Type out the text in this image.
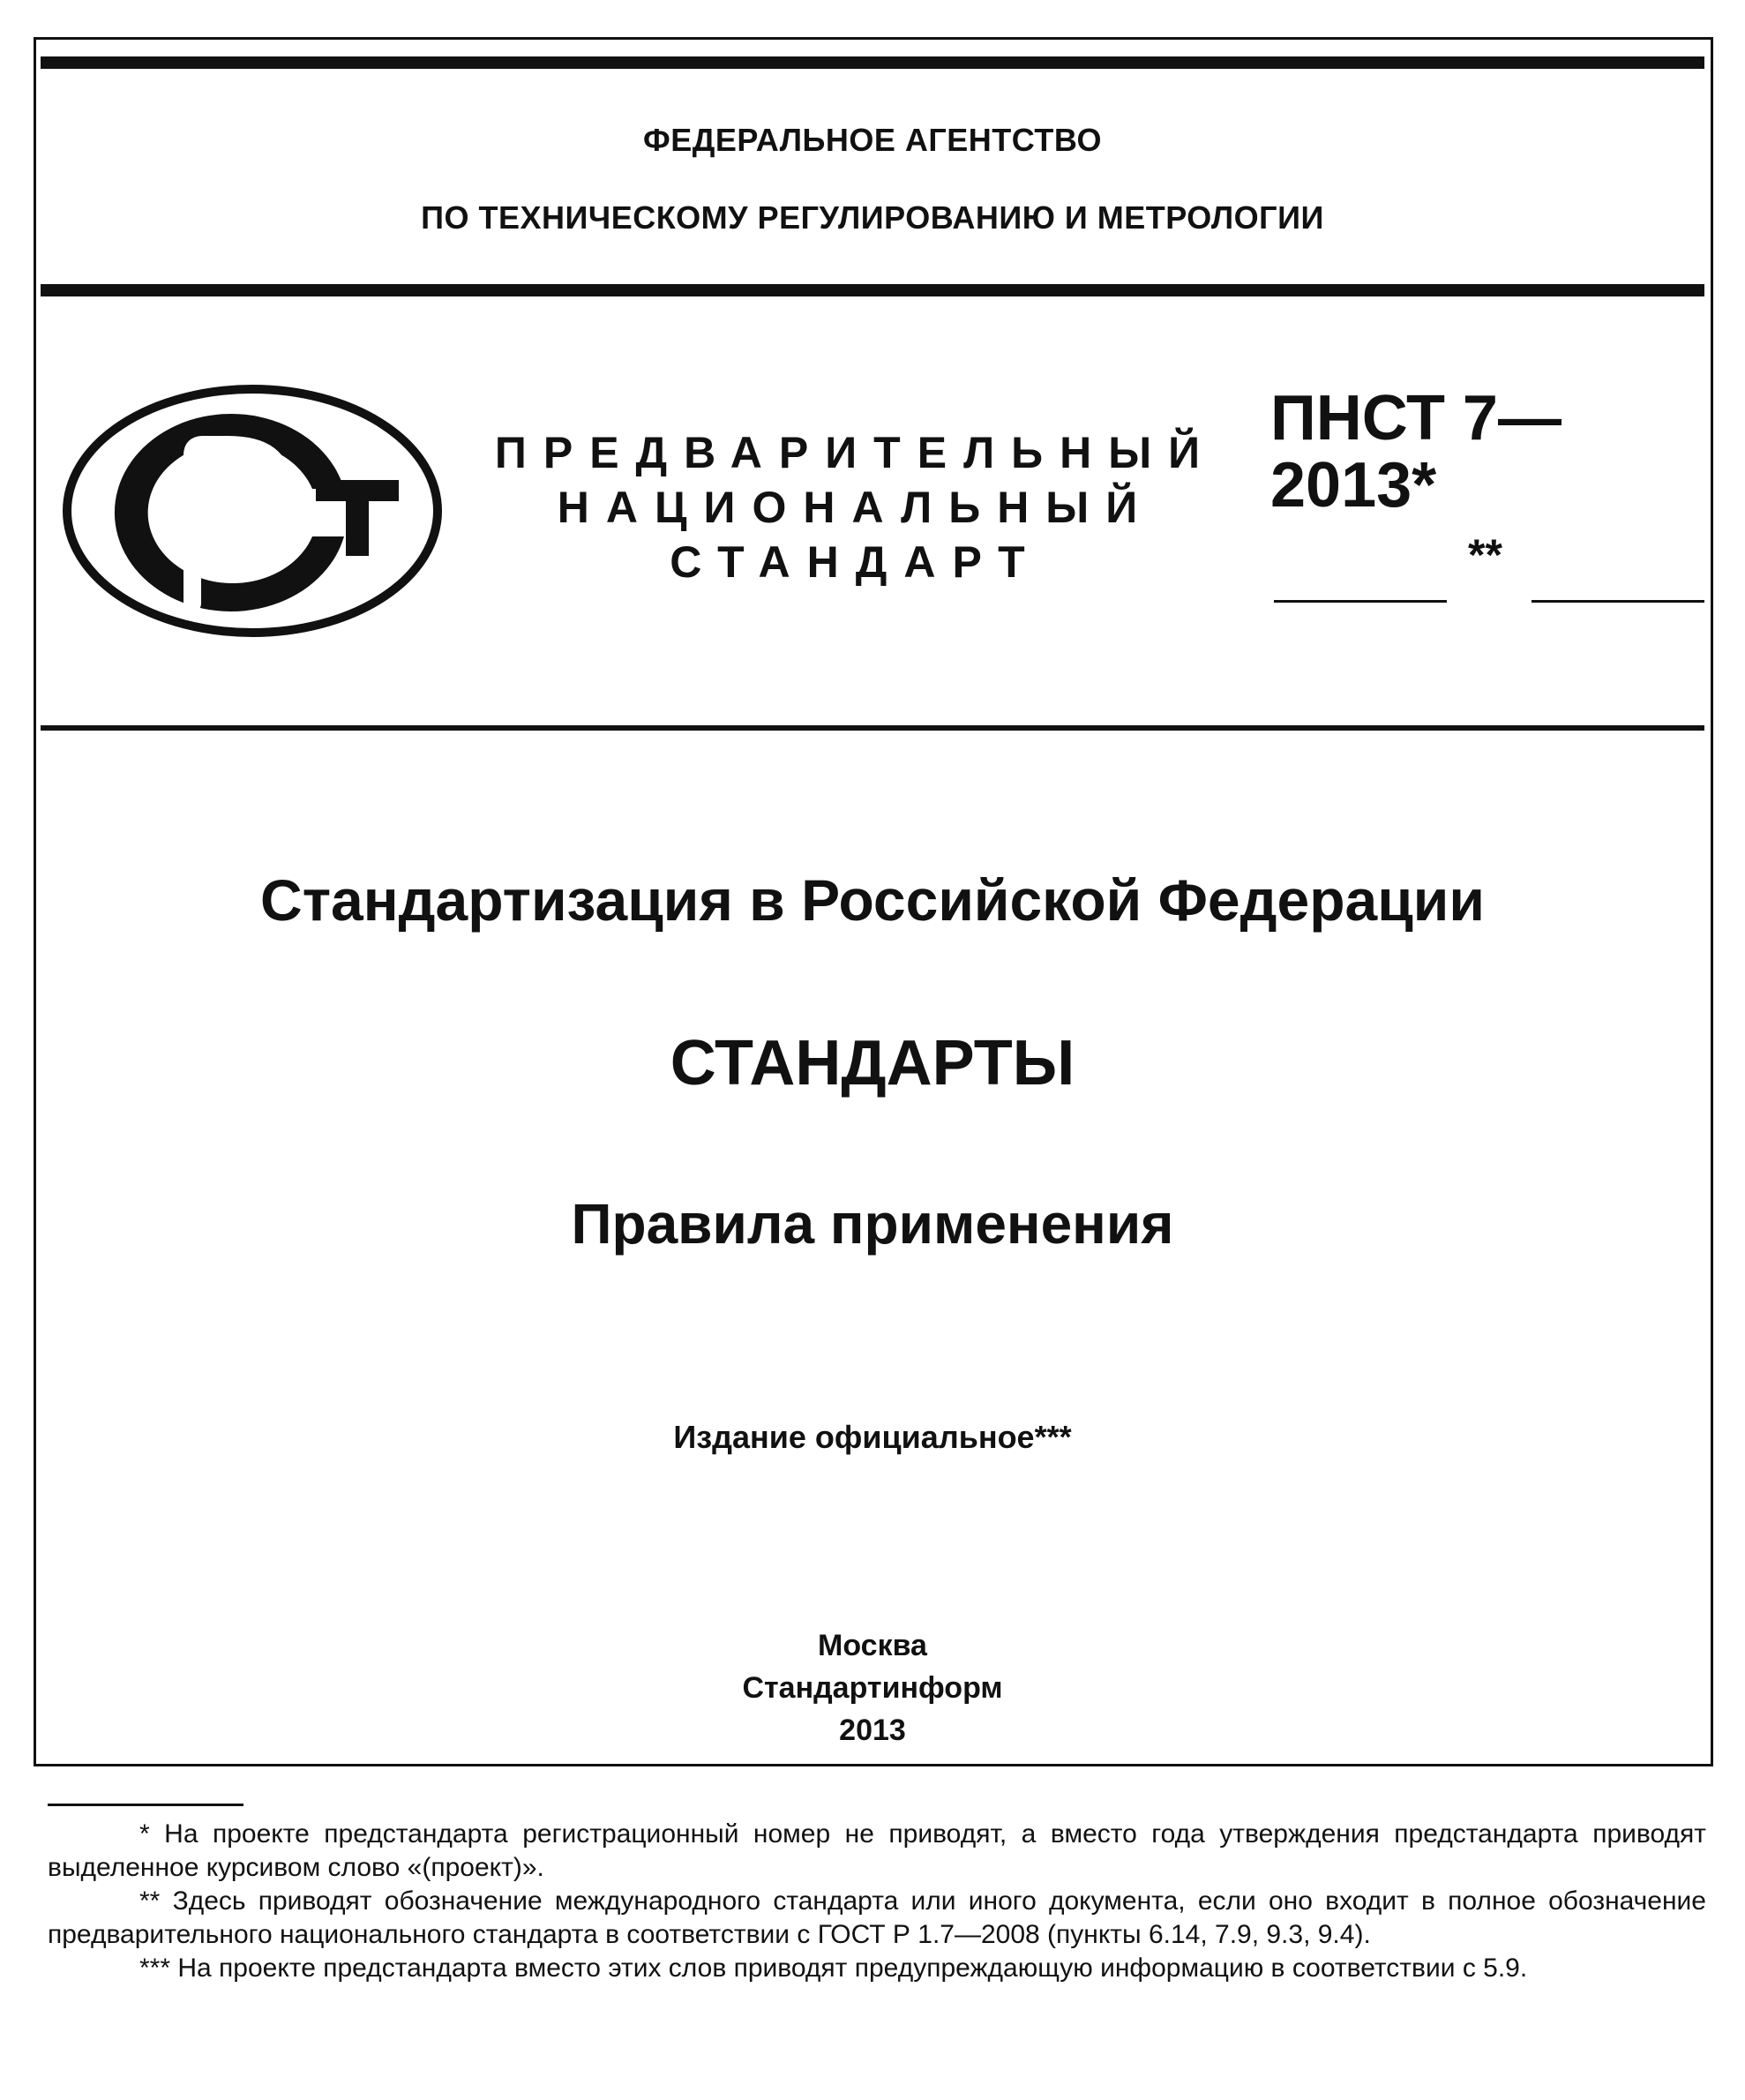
ФЕДЕРАЛЬНОЕ АГЕНТСТВО
ПО ТЕХНИЧЕСКОМУ РЕГУЛИРОВАНИЮ И МЕТРОЛОГИИ
ПРЕДВАРИТЕЛЬНЫЙ
НАЦИОНАЛЬНЫЙ
СТАНДАРТ
ПНСТ 7—
2013*
**
Стандартизация в Российской Федерации
СТАНДАРТЫ
Правила применения
Издание официальное***
Москва
Стандартинформ
2013

* На проекте предстандарта регистрационный номер не приводят, а вместо года утверждения предстандарта приводят выделенное курсивом слово «(проект)».

** Здесь приводят обозначение международного стандарта или иного документа, если оно входит в полное обозначение предварительного национального стандарта в соответствии с ГОСТ Р 1.7—2008 (пункты 6.14, 7.9, 9.3, 9.4).

*** На проекте предстандарта вместо этих слов приводят предупреждающую информацию в соответствии с 5.9.
